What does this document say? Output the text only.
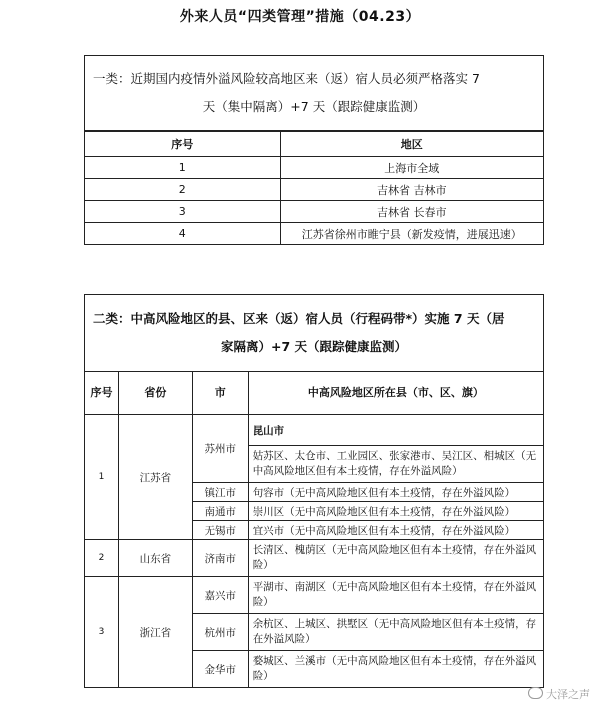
外来人员“四类管理”措施（04.23）
一类：近期国内疫情外溢风险较高地区来（返）宿人员必须严格落实 7
天（集中隔离）+7 天（跟踪健康监测）	

序号	地区
1	上海市全域
2	吉林省 吉林市
3	吉林省 长春市
4	江苏省徐州市睢宁县（新发疫情，进展迅速）
二类：中高风险地区的县、区来（返）宿人员（行程码带*）实施 7 天（居
家隔离）+7 天（跟踪健康监测）			

序号	省份	市	中高风险地区所在县（市、区、旗）
1	江苏省	苏州市	昆山市
			姑苏区、太仓市、工业园区、张家港市、吴江区、相城区（无中高风险地区但有本土疫情，存在外溢风险）
		镇江市	句容市（无中高风险地区但有本土疫情，存在外溢风险）
		南通市	崇川区（无中高风险地区但有本土疫情，存在外溢风险）
		无锡市	宜兴市（无中高风险地区但有本土疫情，存在外溢风险）
2	山东省	济南市	长清区、槐荫区（无中高风险地区但有本土疫情，存在外溢风险）
3	浙江省	嘉兴市	平湖市、南湖区（无中高风险地区但有本土疫情，存在外溢风险）
		杭州市	余杭区、上城区、拱墅区（无中高风险地区但有本土疫情，存在外溢风险）
		金华市	婺城区、兰溪市（无中高风险地区但有本土疫情，存在外溢风险）
大泽之声
